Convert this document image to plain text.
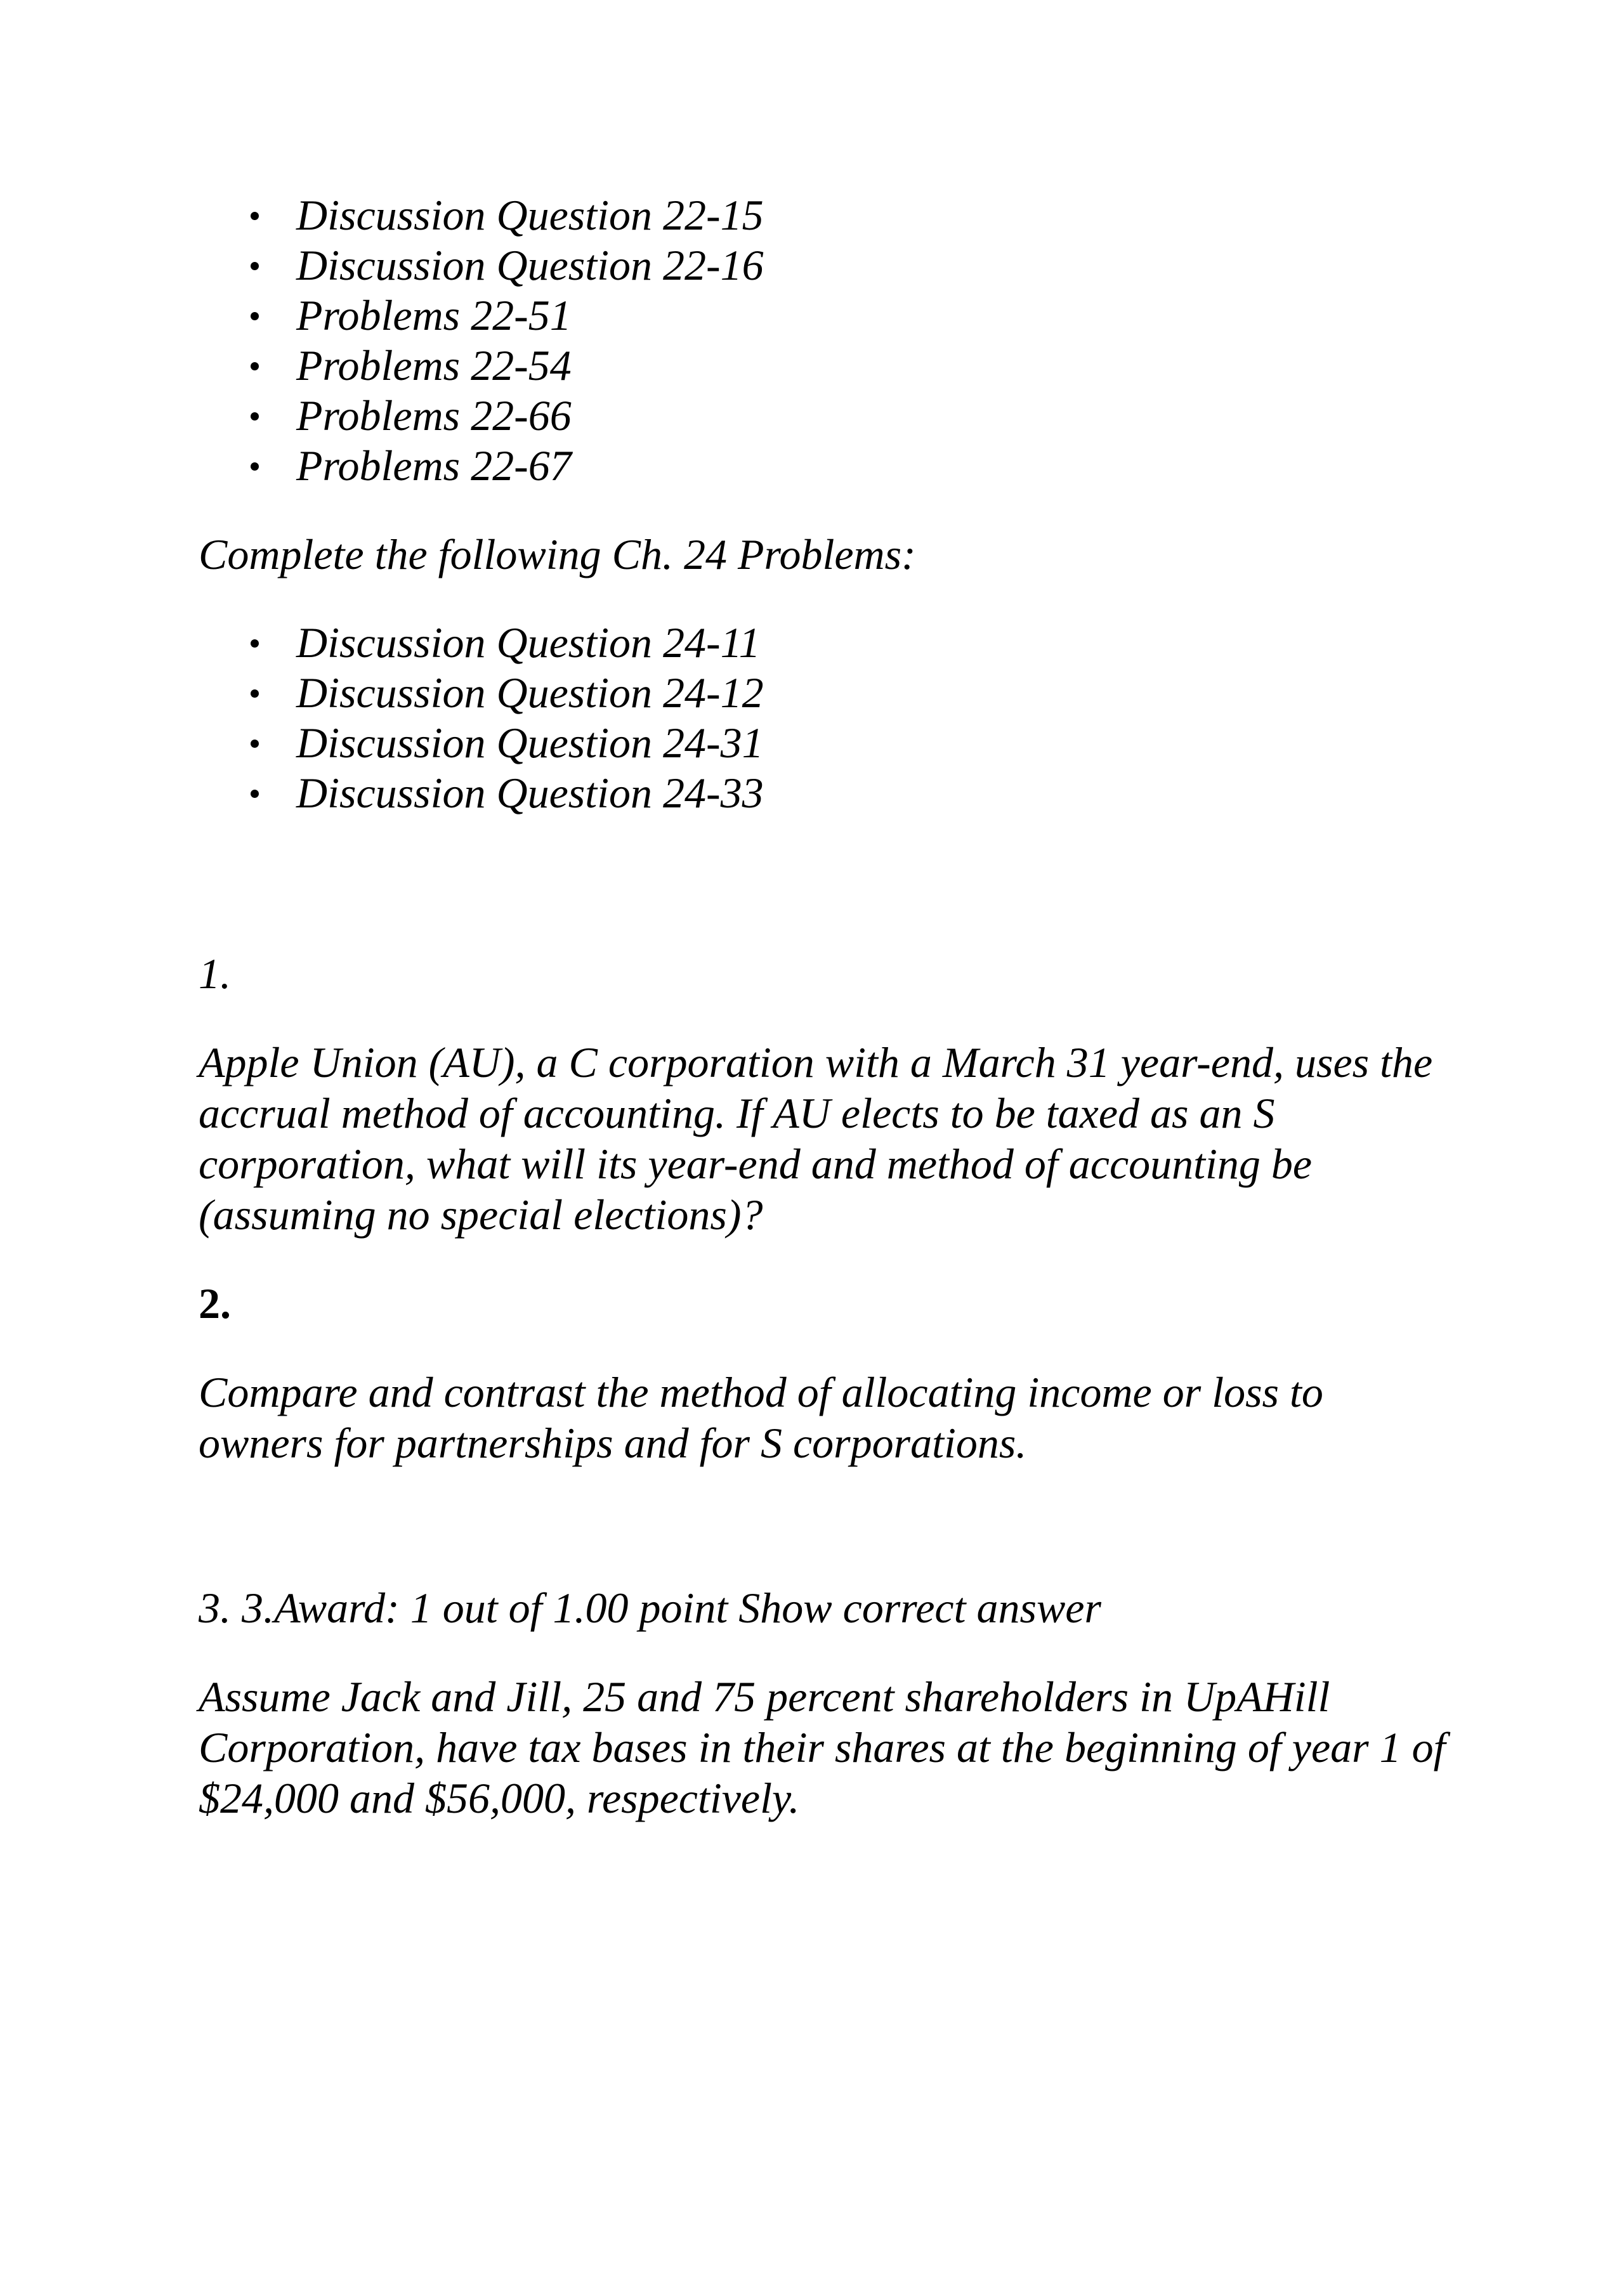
Discussion Question 22-15
Discussion Question 22-16
Problems 22-51
Problems 22-54
Problems 22-66
Problems 22-67

Complete the following Ch. 24 Problems:

Discussion Question 24-11
Discussion Question 24-12
Discussion Question 24-31
Discussion Question 24-33

1.

Apple Union (AU), a C corporation with a March 31 year-end, uses the accrual method of accounting. If AU elects to be taxed as an S corporation, what will its year-end and method of accounting be (assuming no special elections)?

2.

Compare and contrast the method of allocating income or loss to owners for partnerships and for S corporations.

3. 3.Award: 1 out of 1.00 point Show correct answer

Assume Jack and Jill, 25 and 75 percent shareholders in UpAHill Corporation, have tax bases in their shares at the beginning of year 1 of $24,000 and $56,000, respectively.
